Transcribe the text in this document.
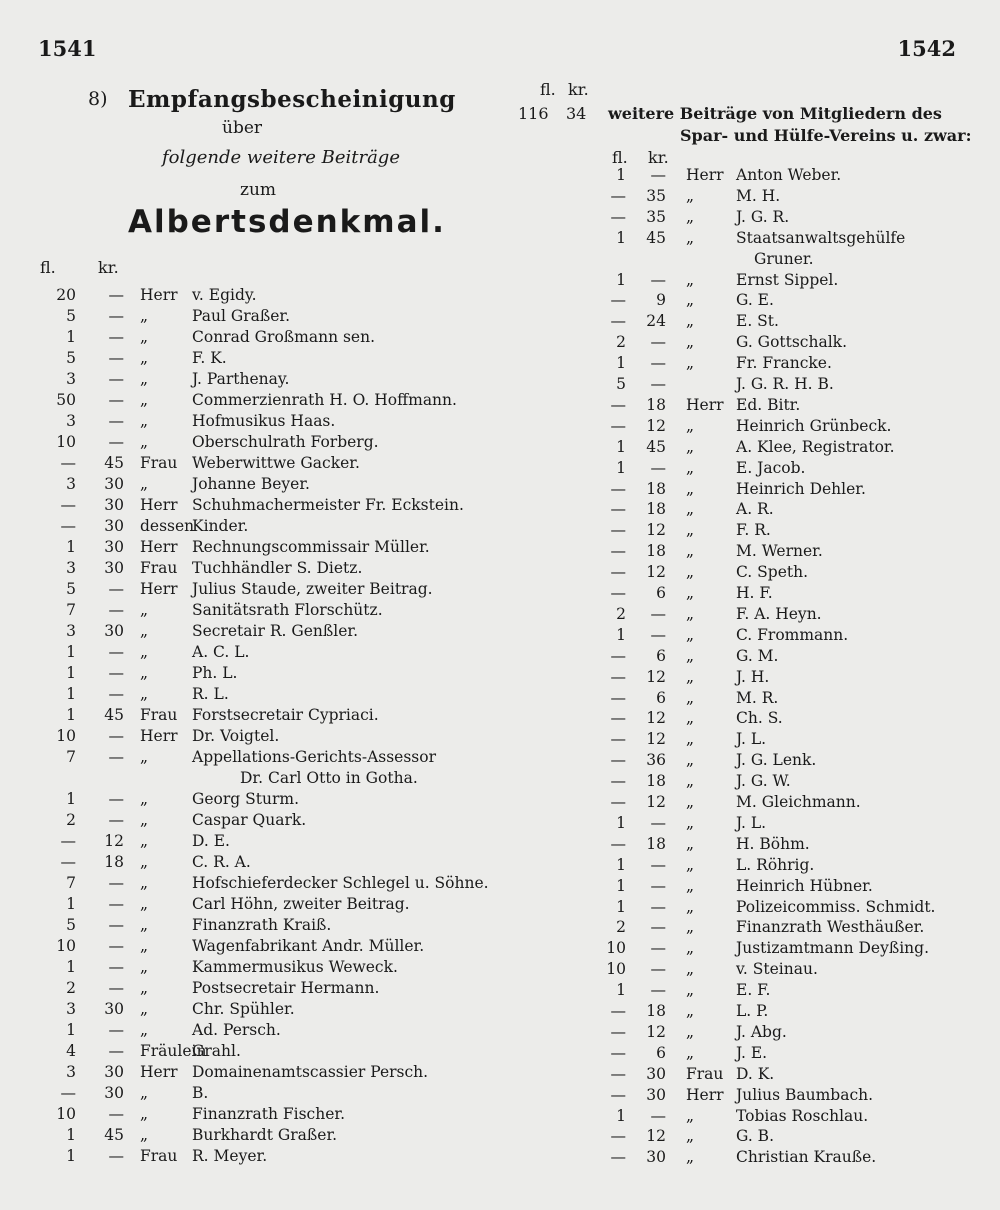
1541	1542
8) Empfangsbescheinigung
über
folgende weitere Beiträge
zum
Albertsdenkmal.
fl.	kr.
20	— Herr v. Egidy.
5	— „	Paul Graßer.
1	— „	Conrad Großmann sen.
5	— „	F. K.
3	— „	J. Parthenay.
50	— „	Commerzienrath H. O. Hoffmann.
3	— „	Hofmusikus Haas.
10	— „	Oberschulrath Forberg.
—	45 Frau Weberwittwe Gacker.
3	30 „	Johanne Beyer.
—	30 Herr Schuhmachermeister Fr. Eckstein.
—	30 dessen
Kinder.
1	30 Herr Rechnungscommissair Müller.
3	30 Frau Tuchhändler S. Dietz.
5	— Herr Julius Staude, zweiter Beitrag.
7	— „	Sanitätsrath Florschütz.
3	30 „	Secretair R. Genßler.
1	— „	A. C. L.
1	— „	Ph. L.
1	— „	R. L.
1	45 Frau Forstsecretair Cypriaci.
10	— Herr Dr. Voigtel.
7	— „	Appellations-Gerichts-Assessor
Dr. Carl Otto in Gotha.
1	— „	Georg Sturm.
2	— „	Caspar Quark.
—	12 „	D. E.
—	18 „	C. R. A.
7	— „	Hofschieferdecker Schlegel u. Söhne.
1	— „	Carl Höhn, zweiter Beitrag.
5	— „	Finanzrath Kraiß.
10	— „	Wagenfabrikant Andr. Müller.
1	— „	Kammermusikus Weweck.
2	— „	Postsecretair Hermann.
3	30 „	Chr. Spühler.
1	— „	Ad. Persch.
4	— Fräulein
Grahl.
3	30 Herr Domainenamtscassier Persch.
—	30 „	B.
10	— „	Finanzrath Fischer.
1	45 „	Burkhardt Graßer.
1	— Frau R. Meyer.
fl. kr.
116 34 weitere Beiträge von Mitgliedern des
Spar- und Hülfe-Vereins u. zwar:
fl. kr.
1	— Herr Anton Weber.
—	35 „	M. H.
—	35 „	J. G. R.
1	45 „	Staatsanwaltsgehülfe
Gruner.
1	— „	Ernst Sippel.
—	9 „	G. E.
—	24 „	E. St.
2	— „	G. Gottschalk.
1	— „	Fr. Francke.
5	—	J. G. R. H. B.
—	18 Herr Ed. Bitr.
—	12 „	Heinrich Grünbeck.
1	45 „	A. Klee, Registrator.
1	— „	E. Jacob.
—	18 „	Heinrich Dehler.
—	18 „	A. R.
—	12 „	F. R.
—	18 „	M. Werner.
—	12 „	C. Speth.
—	6 „	H. F.
2	— „	F. A. Heyn.
1	— „	C. Frommann.
—	6 „	G. M.
—	12 „	J. H.
—	6 „	M. R.
—	12 „	Ch. S.
—	12 „	J. L.
—	36 „	J. G. Lenk.
—	18 „	J. G. W.
—	12 „	M. Gleichmann.
1	— „	J. L.
—	18 „	H. Böhm.
1	— „	L. Röhrig.
1	— „	Heinrich Hübner.
1	— „	Polizeicommiss. Schmidt.
2	— „	Finanzrath Westhäußer.
10	— „	Justizamtmann Deyßing.
10	— „	v. Steinau.
1	— „	E. F.
—	18 „	L. P.
—	12 „	J. Abg.
—	6 „	J. E.
—	30 Frau D. K.
—	30 Herr Julius Baumbach.
1	— „	Tobias Roschlau.
—	12 „	G. B.
—	30 „	Christian Krauße.
